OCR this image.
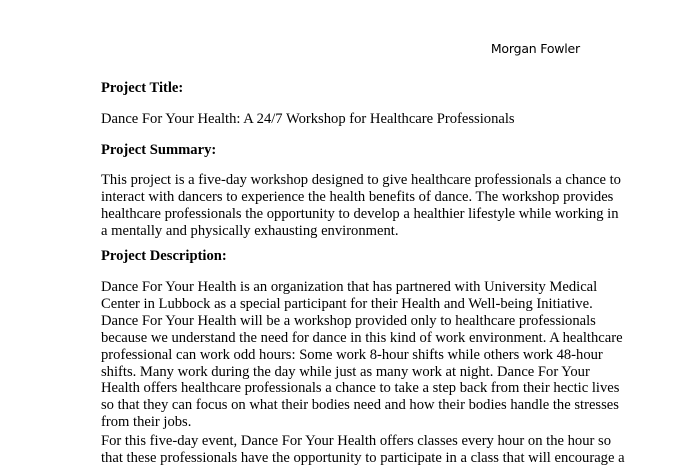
Morgan Fowler

Project Title:

Dance For Your Health: A 24/7 Workshop for Healthcare Professionals

Project Summary:

This project is a five-day workshop designed to give healthcare professionals a chance to
interact with dancers to experience the health benefits of dance. The workshop provides
healthcare professionals the opportunity to develop a healthier lifestyle while working in
a mentally and physically exhausting environment.

Project Description:

Dance For Your Health is an organization that has partnered with University Medical
Center in Lubbock as a special participant for their Health and Well-being Initiative.
Dance For Your Health will be a workshop provided only to healthcare professionals
because we understand the need for dance in this kind of work environment. A healthcare
professional can work odd hours: Some work 8-hour shifts while others work 48-hour
shifts. Many work during the day while just as many work at night. Dance For Your
Health offers healthcare professionals a chance to take a step back from their hectic lives
so that they can focus on what their bodies need and how their bodies handle the stresses
from their jobs.
For this five-day event, Dance For Your Health offers classes every hour on the hour so
that these professionals have the opportunity to participate in a class that will encourage a
